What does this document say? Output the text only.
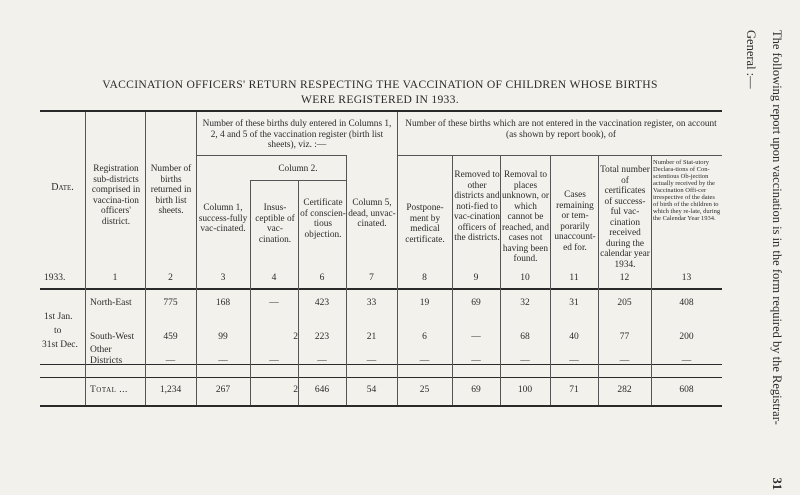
The following report upon vaccination is in the form required by the Registrar-
General :—
31
VACCINATION OFFICERS' RETURN RESPECTING THE VACCINATION OF CHILDREN WHOSE BIRTHS
WERE REGISTERED IN 1933.
Date.
Registration sub-districts comprised in vaccina-tion officers' district.
Number of births returned in birth list sheets.
Number of these births duly entered in Columns 1, 2, 4 and 5 of the vaccination register (birth list sheets), viz. :—
Number of these births which are not entered in the vaccination register, on account (as shown by report book), of
Column 1, success-fully vac-cinated.
Column 2.
Insus-ceptible of vac-cination.
Certificate of conscien-tious objection.
Column 5, dead, unvac-cinated.
Postpone-ment by medical certificate.
Removed to other districts and noti-fied to vac-cination officers of the districts.
Removal to places unknown, or which cannot be reached, and cases not having been found.
Cases remaining or tem-porarily unaccount-ed for.
Total number of certificates of success-ful vac-cination received during the calendar year 1934.
Number of Stat-utory Declara-tions of Con-scientious Ob-jection actually received by the Vaccination Offi-cer irrespective of the dates of birth of the children to which they re-late, during the Calendar Year 1934.
1933.	1	2	3	4	6	7	8	9	10	11	12	13
1st Jan.
to
31st Dec.
North-East	775	168	—	423	33	19	69	32	31	205	408
South-West	459	99	2	223	21	6	—	68	40	77	200
Other Districts	—	—	—	—	—	—	—	—	—	—	—
Total ...	1,234	267	2	646	54	25	69	100	71	282	608
